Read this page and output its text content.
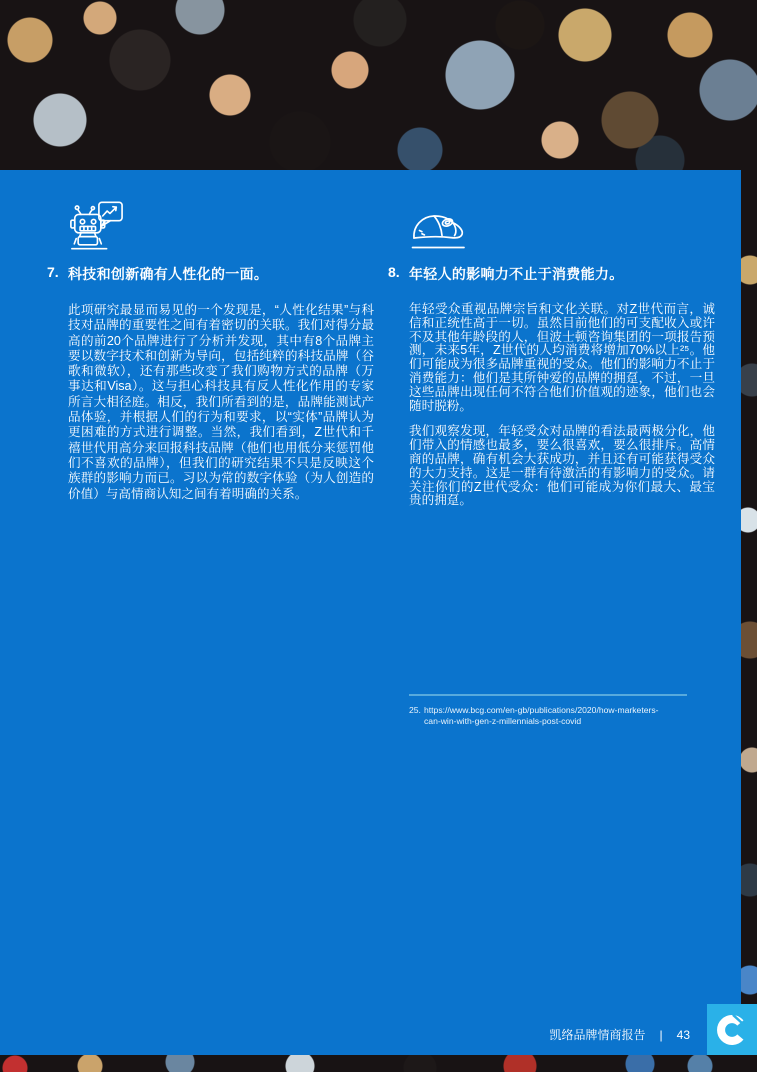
7. 科技和创新确有人性化的一面。
此项研究最显而易见的一个发现是，“人性化结果”与科技对品牌的重要性之间有着密切的关联。我们对得分最高的前20个品牌进行了分析并发现，其中有8个品牌主要以数字技术和创新为导向，包括纯粹的科技品牌（谷歌和微软），还有那些改变了我们购物方式的品牌（万事达和Visa）。这与担心科技具有反人性化作用的专家所言大相径庭。相反，我们所看到的是，品牌能测试产品体验，并根据人们的行为和要求，以“实体”品牌认为更困难的方式进行调整。当然，我们看到，Z世代和千禧世代用高分来回报科技品牌（他们也用低分来惩罚他们不喜欢的品牌），但我们的研究结果不只是反映这个族群的影响力而已。习以为常的数字体验（为人创造的价值）与高情商认知之间有着明确的关系。
8. 年轻人的影响力不止于消费能力。

年轻受众重视品牌宗旨和文化关联。对Z世代而言，诚信和正统性高于一切。虽然目前他们的可支配收入或许不及其他年龄段的人，但波士顿咨询集团的一项报告预测，未来5年，Z世代的人均消费将增加70%以上²⁵。他们可能成为很多品牌重视的受众。他们的影响力不止于消费能力：他们是其所钟爱的品牌的拥趸，不过，一旦这些品牌出现任何不符合他们价值观的迹象，他们也会随时脱粉。

我们观察发现，年轻受众对品牌的看法最两极分化，他们带入的情感也最多，要么很喜欢，要么很排斥。高情商的品牌，确有机会大获成功，并且还有可能获得受众的大力支持。这是一群有待激活的有影响力的受众。请关注你们的Z世代受众：他们可能成为你们最大、最宝贵的拥趸。

25. https://www.bcg.com/en-gb/publications/2020/how-marketers-
can-win-with-gen-z-millennials-post-covid
凯络品牌情商报告 | 43
